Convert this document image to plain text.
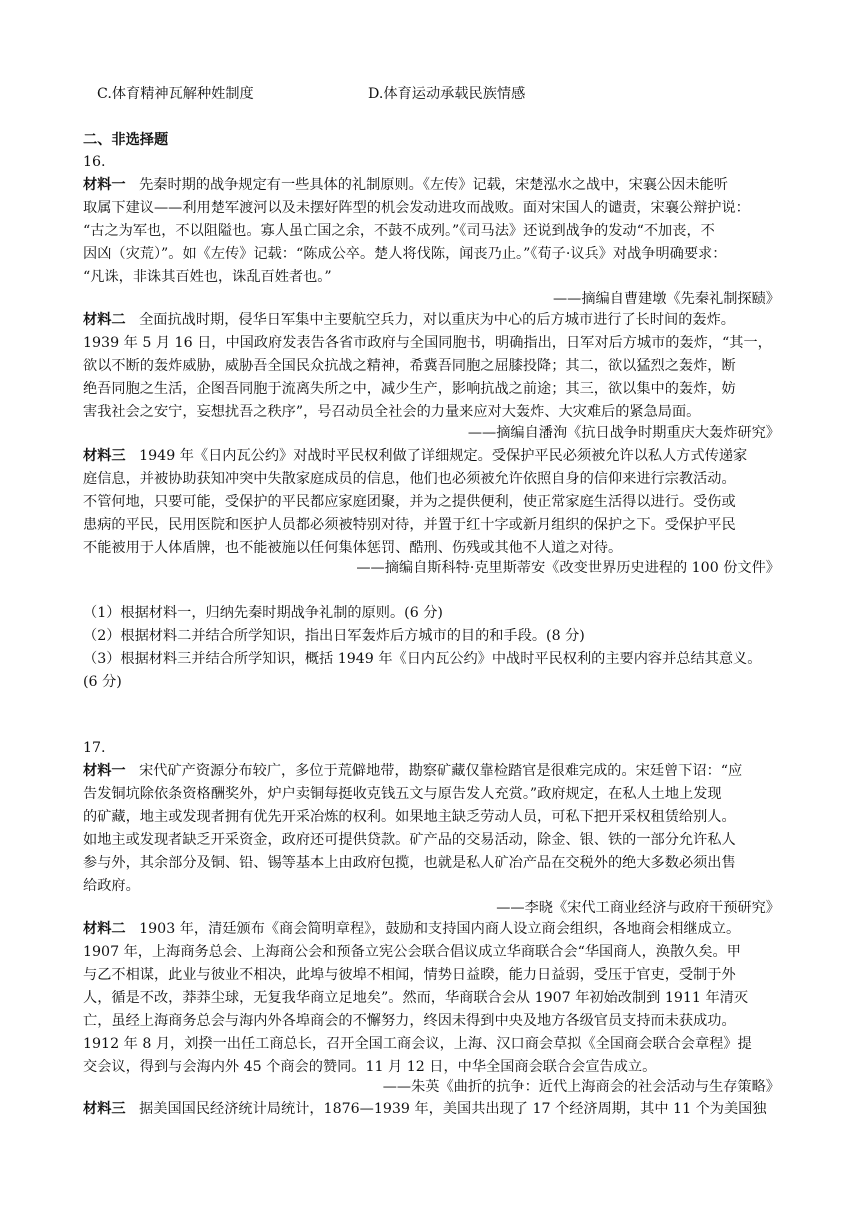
C.体育精神瓦解种姓制度	D.体育运动承载民族情感
二、非选择题
16.
材料一 先秦时期的战争规定有一些具体的礼制原则。《左传》记载，宋楚泓水之战中，宋襄公因未能听
取属下建议——利用楚军渡河以及未摆好阵型的机会发动进攻而战败。面对宋国人的谴责，宋襄公辩护说：
“古之为军也，不以阻隘也。寡人虽亡国之余，不鼓不成列。”《司马法》还说到战争的发动“不加丧，不
因凶（灾荒）”。如《左传》记载：“陈成公卒。楚人将伐陈，闻丧乃止。”《荀子·议兵》对战争明确要求：
“凡诛，非诛其百姓也，诛乱百姓者也。”
——摘编自曹建墩《先秦礼制探赜》
材料二 全面抗战时期，侵华日军集中主要航空兵力，对以重庆为中心的后方城市进行了长时间的轰炸。
1939 年 5 月 16 日，中国政府发表告各省市政府与全国同胞书，明确指出，日军对后方城市的轰炸，“其一，
欲以不断的轰炸威胁，威胁吾全国民众抗战之精神，希冀吾同胞之屈膝投降；其二，欲以猛烈之轰炸，断
绝吾同胞之生活，企图吾同胞于流离失所之中，减少生产，影响抗战之前途；其三，欲以集中的轰炸，妨
害我社会之安宁，妄想扰吾之秩序”，号召动员全社会的力量来应对大轰炸、大灾难后的紧急局面。
——摘编自潘洵《抗日战争时期重庆大轰炸研究》
材料三 1949 年《日内瓦公约》对战时平民权利做了详细规定。受保护平民必须被允许以私人方式传递家
庭信息，并被协助获知冲突中失散家庭成员的信息，他们也必须被允许依照自身的信仰来进行宗教活动。
不管何地，只要可能，受保护的平民都应家庭团聚，并为之提供便利，使正常家庭生活得以进行。受伤或
患病的平民，民用医院和医护人员都必须被特别对待，并置于红十字或新月组织的保护之下。受保护平民
不能被用于人体盾牌，也不能被施以任何集体惩罚、酷刑、伤残或其他不人道之对待。
——摘编自斯科特·克里斯蒂安《改变世界历史进程的 100 份文件》
（1）根据材料一，归纳先秦时期战争礼制的原则。(6 分)
（2）根据材料二并结合所学知识，指出日军轰炸后方城市的目的和手段。(8 分)
（3）根据材料三并结合所学知识，概括 1949 年《日内瓦公约》中战时平民权利的主要内容并总结其意义。
(6 分)
17.
材料一 宋代矿产资源分布较广，多位于荒僻地带，勘察矿藏仅靠检踏官是很难完成的。宋廷曾下诏：“应
告发铜坑除依条资格酬奖外，炉户卖铜每挺收克钱五文与原告发人充赏。”政府规定，在私人土地上发现
的矿藏，地主或发现者拥有优先开采冶炼的权利。如果地主缺乏劳动人员，可私下把开采权租赁给别人。
如地主或发现者缺乏开采资金，政府还可提供贷款。矿产品的交易活动，除金、银、铁的一部分允许私人
参与外，其余部分及铜、铅、锡等基本上由政府包揽，也就是私人矿冶产品在交税外的绝大多数必须出售
给政府。
——李晓《宋代工商业经济与政府干预研究》
材料二 1903 年，清廷颁布《商会简明章程》，鼓励和支持国内商人设立商会组织，各地商会相继成立。
1907 年，上海商务总会、上海商公会和预备立宪公会联合倡议成立华商联合会“华国商人，涣散久矣。甲
与乙不相谋，此业与彼业不相决，此埠与彼埠不相闻，情势日益睽，能力日益弱，受压于官吏，受制于外
人，循是不改，莽莽尘球，无复我华商立足地矣”。然而，华商联合会从 1907 年初始改制到 1911 年清灭
亡，虽经上海商务总会与海内外各埠商会的不懈努力，终因未得到中央及地方各级官员支持而未获成功。
1912 年 8 月，刘揆一出任工商总长，召开全国工商会议，上海、汉口商会草拟《全国商会联合会章程》提
交会议，得到与会海内外 45 个商会的赞同。11 月 12 日，中华全国商会联合会宣告成立。
——朱英《曲折的抗争：近代上海商会的社会活动与生存策略》
材料三 据美国国民经济统计局统计，1876—1939 年，美国共出现了 17 个经济周期，其中 11 个为美国独
